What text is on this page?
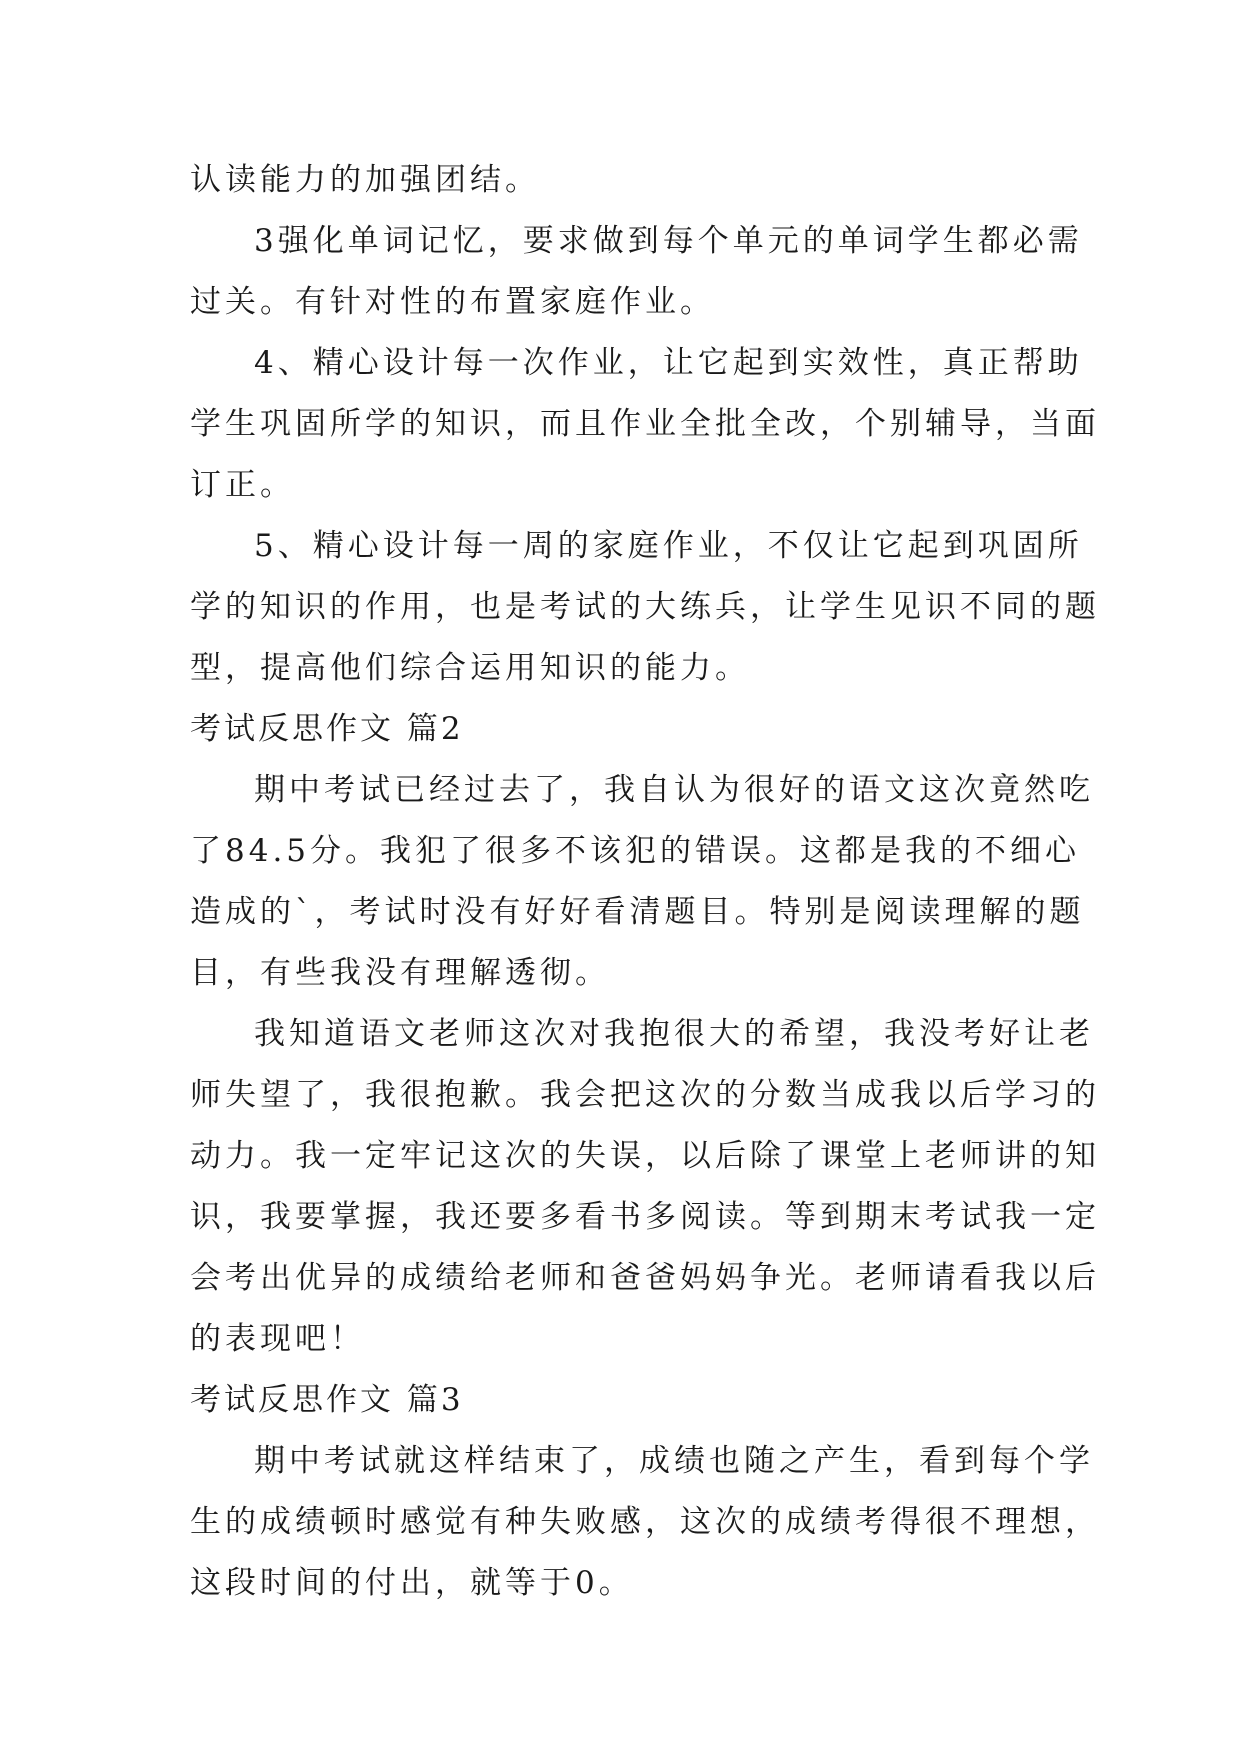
认读能力的加强团结。
3强化单词记忆，要求做到每个单元的单词学生都必需
过关。有针对性的布置家庭作业。
4、精心设计每一次作业，让它起到实效性，真正帮助
学生巩固所学的知识，而且作业全批全改，个别辅导，当面
订正。
5、精心设计每一周的家庭作业，不仅让它起到巩固所
学的知识的作用，也是考试的大练兵，让学生见识不同的题
型，提高他们综合运用知识的能力。
考试反思作文 篇2
期中考试已经过去了，我自认为很好的语文这次竟然吃
了84.5分。我犯了很多不该犯的错误。这都是我的不细心
造成的`，考试时没有好好看清题目。特别是阅读理解的题
目，有些我没有理解透彻。
我知道语文老师这次对我抱很大的希望，我没考好让老
师失望了，我很抱歉。我会把这次的分数当成我以后学习的
动力。我一定牢记这次的失误，以后除了课堂上老师讲的知
识，我要掌握，我还要多看书多阅读。等到期末考试我一定
会考出优异的成绩给老师和爸爸妈妈争光。老师请看我以后
的表现吧！
考试反思作文 篇3
期中考试就这样结束了，成绩也随之产生，看到每个学
生的成绩顿时感觉有种失败感，这次的成绩考得很不理想，
这段时间的付出，就等于0。
